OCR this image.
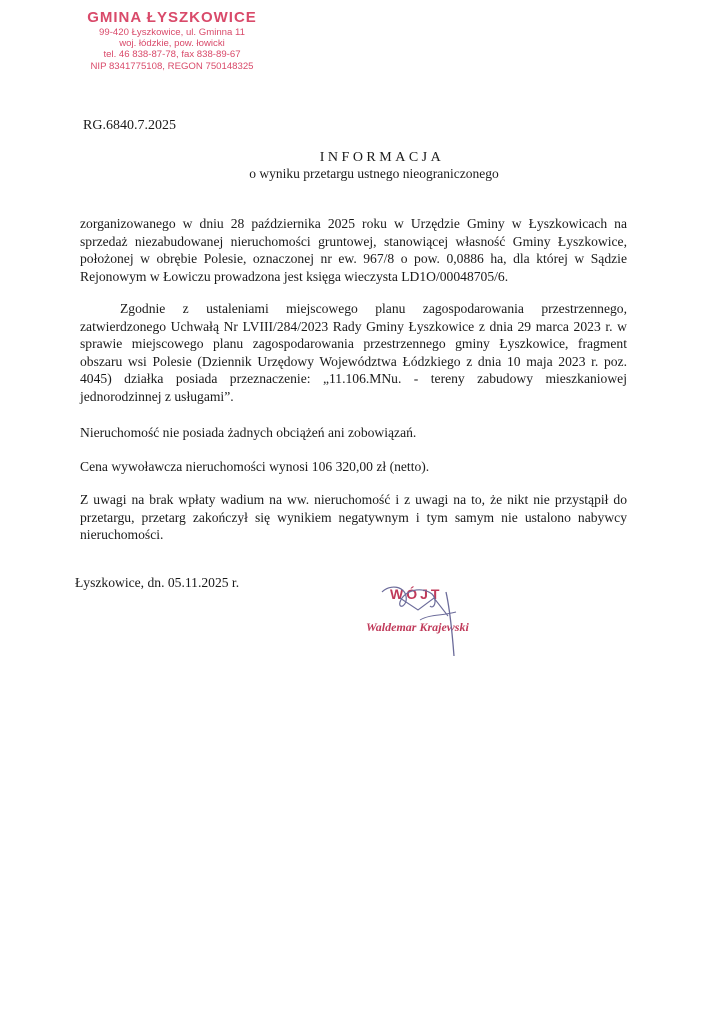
GMINA ŁYSZKOWICE
99-420 Łyszkowice, ul. Gminna 11
woj. łódzkie, pow. łowicki
tel. 46 838-87-78, fax 838-89-67
NIP 8341775108, REGON 750148325
RG.6840.7.2025
INFORMACJA
o wyniku przetargu ustnego nieograniczonego
zorganizowanego w dniu 28 października 2025 roku w Urzędzie Gminy w Łyszkowicach na sprzedaż niezabudowanej nieruchomości gruntowej, stanowiącej własność Gminy Łyszkowice, położonej w obrębie Polesie, oznaczonej nr ew. 967/8 o pow. 0,0886 ha, dla której w Sądzie Rejonowym w Łowiczu prowadzona jest księga wieczysta LD1O/00048705/6.
Zgodnie z ustaleniami miejscowego planu zagospodarowania przestrzennego, zatwierdzonego Uchwałą Nr LVIII/284/2023 Rady Gminy Łyszkowice z dnia 29 marca 2023 r. w sprawie miejscowego planu zagospodarowania przestrzennego gminy Łyszkowice, fragment obszaru wsi Polesie (Dziennik Urzędowy Województwa Łódzkiego z dnia 10 maja 2023 r. poz. 4045) działka posiada przeznaczenie: „11.106.MNu. - tereny zabudowy mieszkaniowej jednorodzinnej z usługami”.
Nieruchomość nie posiada żadnych obciążeń ani zobowiązań.
Cena wywoławcza nieruchomości wynosi 106 320,00 zł (netto).
Z uwagi na brak wpłaty wadium na ww. nieruchomość i z uwagi na to, że nikt nie przystąpił do przetargu, przetarg zakończył się wynikiem negatywnym i tym samym nie ustalono nabywcy nieruchomości.
Łyszkowice, dn. 05.11.2025 r.
WÓJT
Waldemar Krajewski
